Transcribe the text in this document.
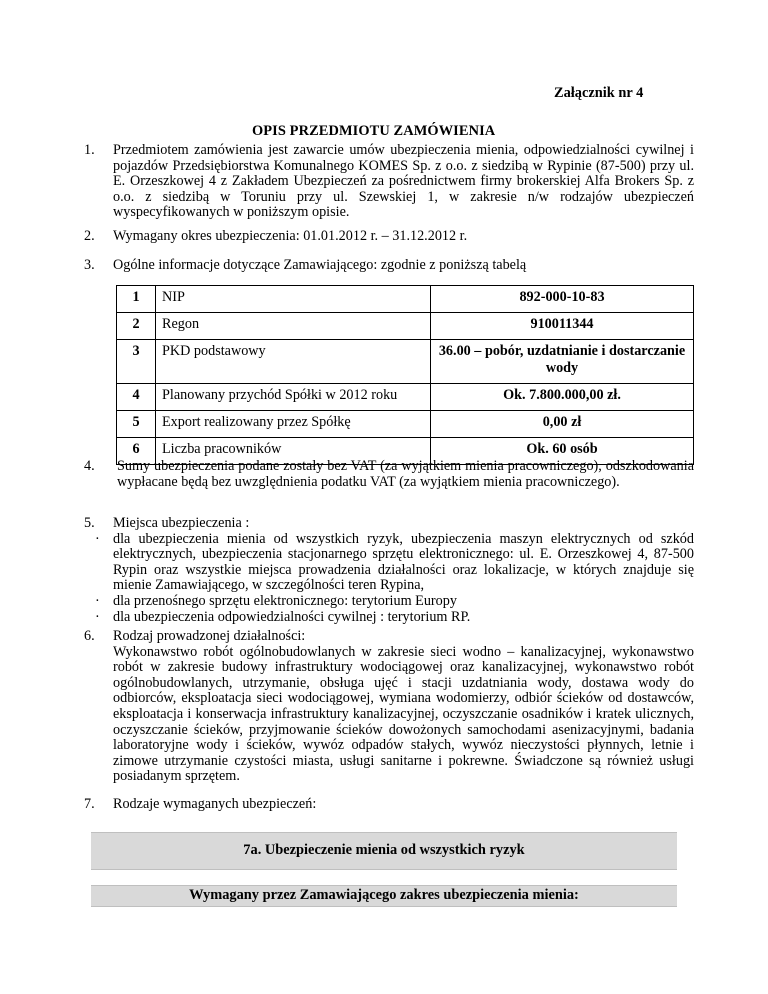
Załącznik nr 4
OPIS PRZEDMIOTU ZAMÓWIENIA
1. Przedmiotem zamówienia jest zawarcie umów ubezpieczenia mienia, odpowiedzialności cywilnej i pojazdów Przedsiębiorstwa Komunalnego KOMES Sp. z o.o. z siedzibą w Rypinie (87-500) przy ul. E. Orzeszkowej 4 z Zakładem Ubezpieczeń za pośrednictwem firmy brokerskiej Alfa Brokers Sp. z o.o. z siedzibą w Toruniu przy ul. Szewskiej 1, w zakresie n/w rodzajów ubezpieczeń wyspecyfikowanych w poniższym opisie.
2. Wymagany okres ubezpieczenia: 01.01.2012 r. – 31.12.2012 r.
3. Ogólne informacje dotyczące Zamawiającego: zgodnie z poniższą tabelą
1	NIP	892-000-10-83
2	Regon	910011344
3	PKD podstawowy	36.00 – pobór, uzdatnianie i dostarczanie wody
4	Planowany przychód Spółki w 2012 roku	Ok. 7.800.000,00 zł.
5	Export realizowany przez Spółkę	0,00 zł
6	Liczba pracowników	Ok. 60 osób
4. Sumy ubezpieczenia podane zostały bez VAT (za wyjątkiem mienia pracowniczego), odszkodowania wypłacane będą bez uwzględnienia podatku VAT (za wyjątkiem mienia pracowniczego).
5. Miejsca ubezpieczenia :
· dla ubezpieczenia mienia od wszystkich ryzyk, ubezpieczenia maszyn elektrycznych od szkód elektrycznych, ubezpieczenia stacjonarnego sprzętu elektronicznego: ul. E. Orzeszkowej 4, 87-500 Rypin oraz wszystkie miejsca prowadzenia działalności oraz lokalizacje, w których znajduje się mienie Zamawiającego, w szczególności teren Rypina,
· dla przenośnego sprzętu elektronicznego: terytorium Europy
· dla ubezpieczenia odpowiedzialności cywilnej : terytorium RP.
6. Rodzaj prowadzonej działalności:
Wykonawstwo robót ogólnobudowlanych w zakresie sieci wodno – kanalizacyjnej, wykonawstwo robót w zakresie budowy infrastruktury wodociągowej oraz kanalizacyjnej, wykonawstwo robót ogólnobudowlanych, utrzymanie, obsługa ujęć i stacji uzdatniania wody, dostawa wody do odbiorców, eksploatacja sieci wodociągowej, wymiana wodomierzy, odbiór ścieków od dostawców, eksploatacja i konserwacja infrastruktury kanalizacyjnej, oczyszczanie osadników i kratek ulicznych, oczyszczanie ścieków, przyjmowanie ścieków dowożonych samochodami asenizacyjnymi, badania laboratoryjne wody i ścieków, wywóz odpadów stałych, wywóz nieczystości płynnych, letnie i zimowe utrzymanie czystości miasta, usługi sanitarne i pokrewne. Świadczone są również usługi posiadanym sprzętem.
7. Rodzaje wymaganych ubezpieczeń:
7a. Ubezpieczenie mienia od wszystkich ryzyk
Wymagany przez Zamawiającego zakres ubezpieczenia mienia:
